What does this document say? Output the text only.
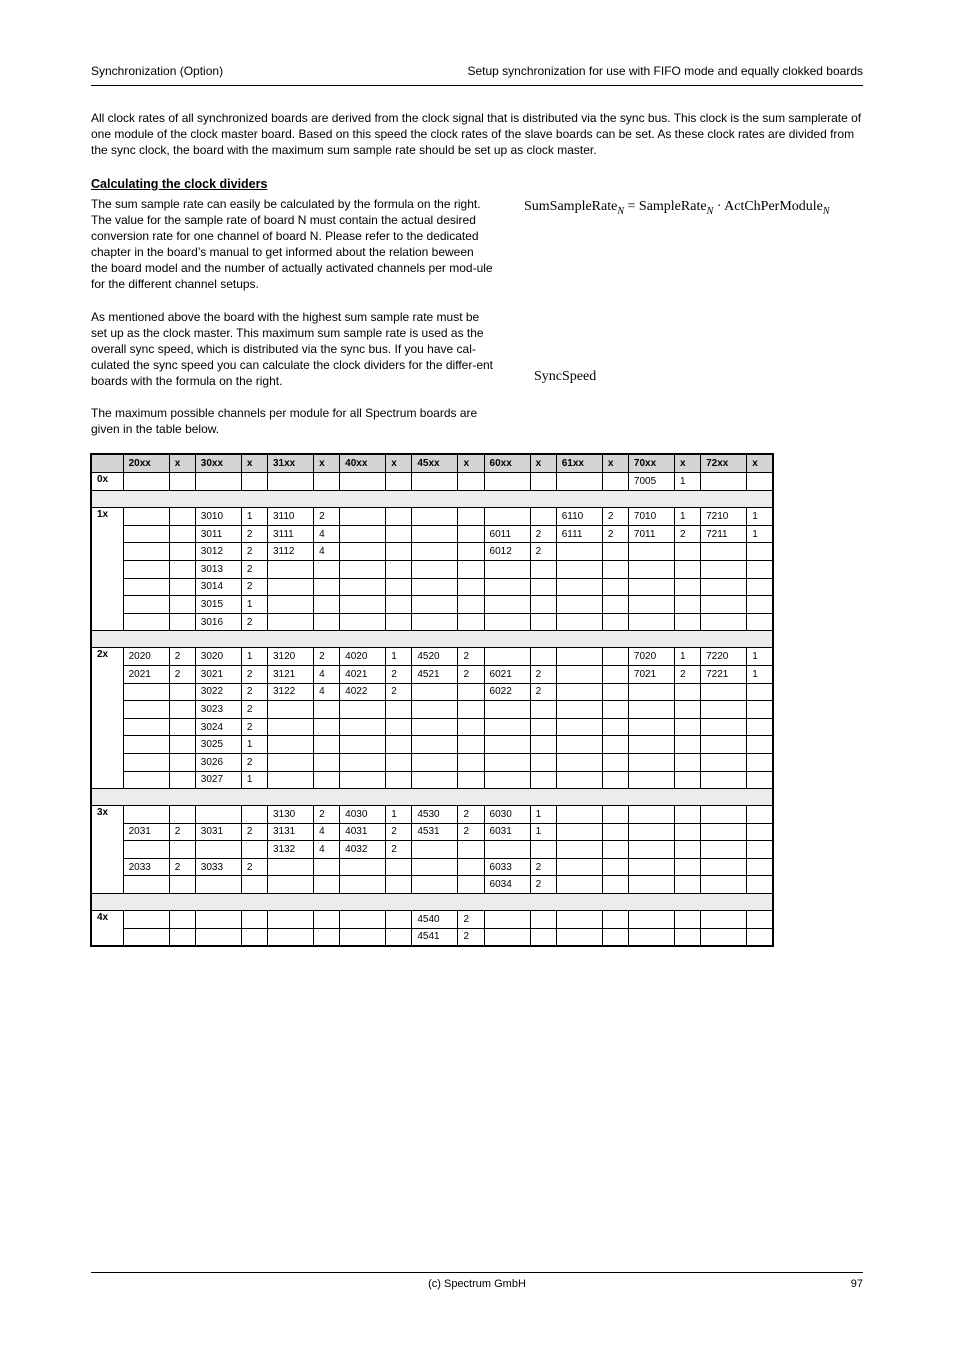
Synchronization (Option)	Setup synchronization for use with FIFO mode and equally clokked boards
All clock rates of all synchronized boards are derived from the clock signal that is distributed via the sync bus. This clock is the sum samplerate of one module of the clock master board. Based on this speed the clock rates of the slave boards can be set. As these clock rates are divided from the sync clock, the board with the maximum sum sample rate should be set up as clock master.
Calculating the clock dividers
The sum sample rate can easily be calculated by the formula on the right. The value for the sample rate of board N must contain the actual desired conversion rate for one channel of board N. Please refer to the dedicated chapter in the board’s manual to get informed about the relation beween the board model and the number of actually activated channels per mod-ule for the different channel setups.
As mentioned above the board with the highest sum sample rate must be set up as the clock master. This maximum sum sample rate is used as the overall sync speed, which is distributed via the sync bus. If you have cal-culated the sync speed you can calculate the clock dividers for the differ-ent boards with the formula on the right.
The maximum possible channels per module for all Spectrum boards are given in the table below.
SumSampleRate$_N$ = SampleRate$_N$ · ActChPerModule$_N$
SyncSpeed
	20xx	x	30xx	x	31xx	x	40xx	x	45xx	x	60xx	x	61xx	x	70xx	x	72xx	x
0x															7005	1		

1x			3010	1	3110	2							6110	2	7010	1	7210	1
			3011	2	3111	4					6011	2	6111	2	7011	2	7211	1
			3012	2	3112	4					6012	2						
			3013	2														
			3014	2														
			3015	1														
			3016	2														

2x	2020	2	3020	1	3120	2	4020	1	4520	2					7020	1	7220	1
	2021	2	3021	2	3121	4	4021	2	4521	2	6021	2			7021	2	7221	1
			3022	2	3122	4	4022	2			6022	2						
			3023	2														
			3024	2														
			3025	1														
			3026	2														
			3027	1														

3x					3130	2	4030	1	4530	2	6030	1						
	2031	2	3031	2	3131	4	4031	2	4531	2	6031	1						
					3132	4	4032	2										
	2033	2	3033	2							6033	2						
											6034	2						

4x									4540	2								
									4541	2								
(c) Spectrum GmbH	97
